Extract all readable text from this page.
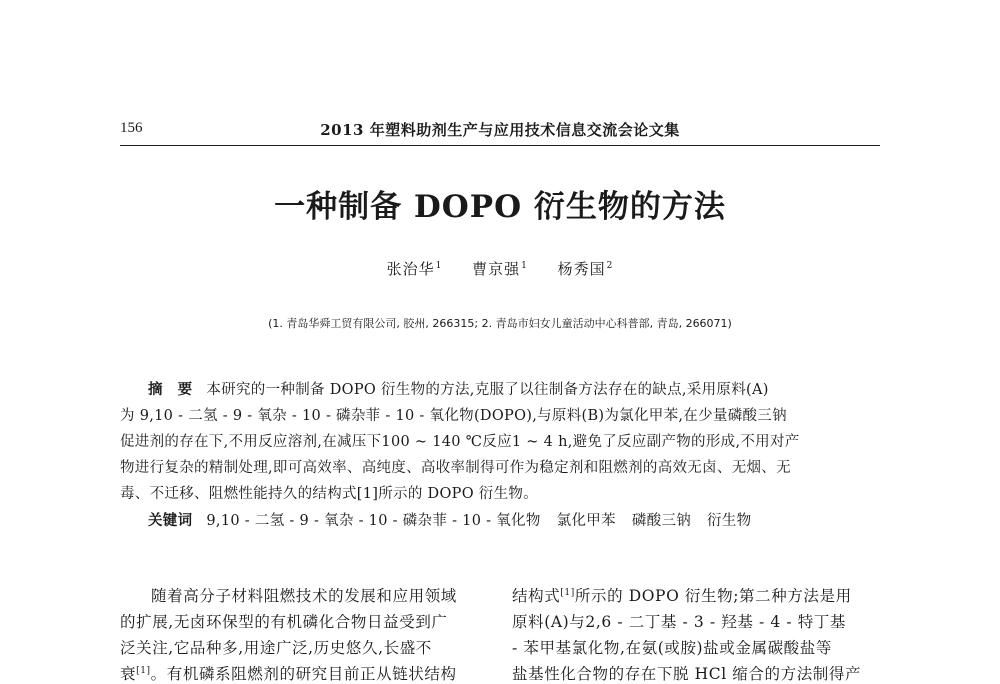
156	2013 年塑料助剂生产与应用技术信息交流会论文集
一种制备 DOPO 衍生物的方法
张治华$^1$ 曹京强$^1$ 杨秀国$^2$
(1. 青岛华舜工贸有限公司, 胶州, 266315; 2. 青岛市妇女儿童活动中心科普部, 青岛, 266071)
摘　要 本研究的一种制备 DOPO 衍生物的方法,克服了以往制备方法存在的缺点,采用原料(A)
为 9,10 - 二氢 - 9 - 氧杂 - 10 - 磷杂菲 - 10 - 氧化物(DOPO),与原料(B)为氯化甲苯,在少量磷酸三钠
促进剂的存在下,不用反应溶剂,在减压下100 ~ 140 ℃反应1 ~ 4 h,避免了反应副产物的形成,不用对产
物进行复杂的精制处理,即可高效率、高纯度、高收率制得可作为稳定剂和阻燃剂的高效无卤、无烟、无
毒、不迁移、阻燃性能持久的结构式[1]所示的 DOPO 衍生物。
关键词 9,10 - 二氢 - 9 - 氧杂 - 10 - 磷杂菲 - 10 - 氧化物 氯化甲苯 磷酸三钠 衍生物
随着高分子材料阻燃技术的发展和应用领域
的扩展,无卤环保型的有机磷化合物日益受到广
泛关注,它品种多,用途广泛,历史悠久,长盛不
衰[1]。有机磷系阻燃剂的研究目前正从链状结构
结构式[1]所示的 DOPO 衍生物;第二种方法是用
原料(A)与2,6 - 二丁基 - 3 - 羟基 - 4 - 特丁基
- 苯甲基氯化物,在氨(或胺)盐或金属碳酸盐等
盐基性化合物的存在下脱 HCl 缩合的方法制得产
